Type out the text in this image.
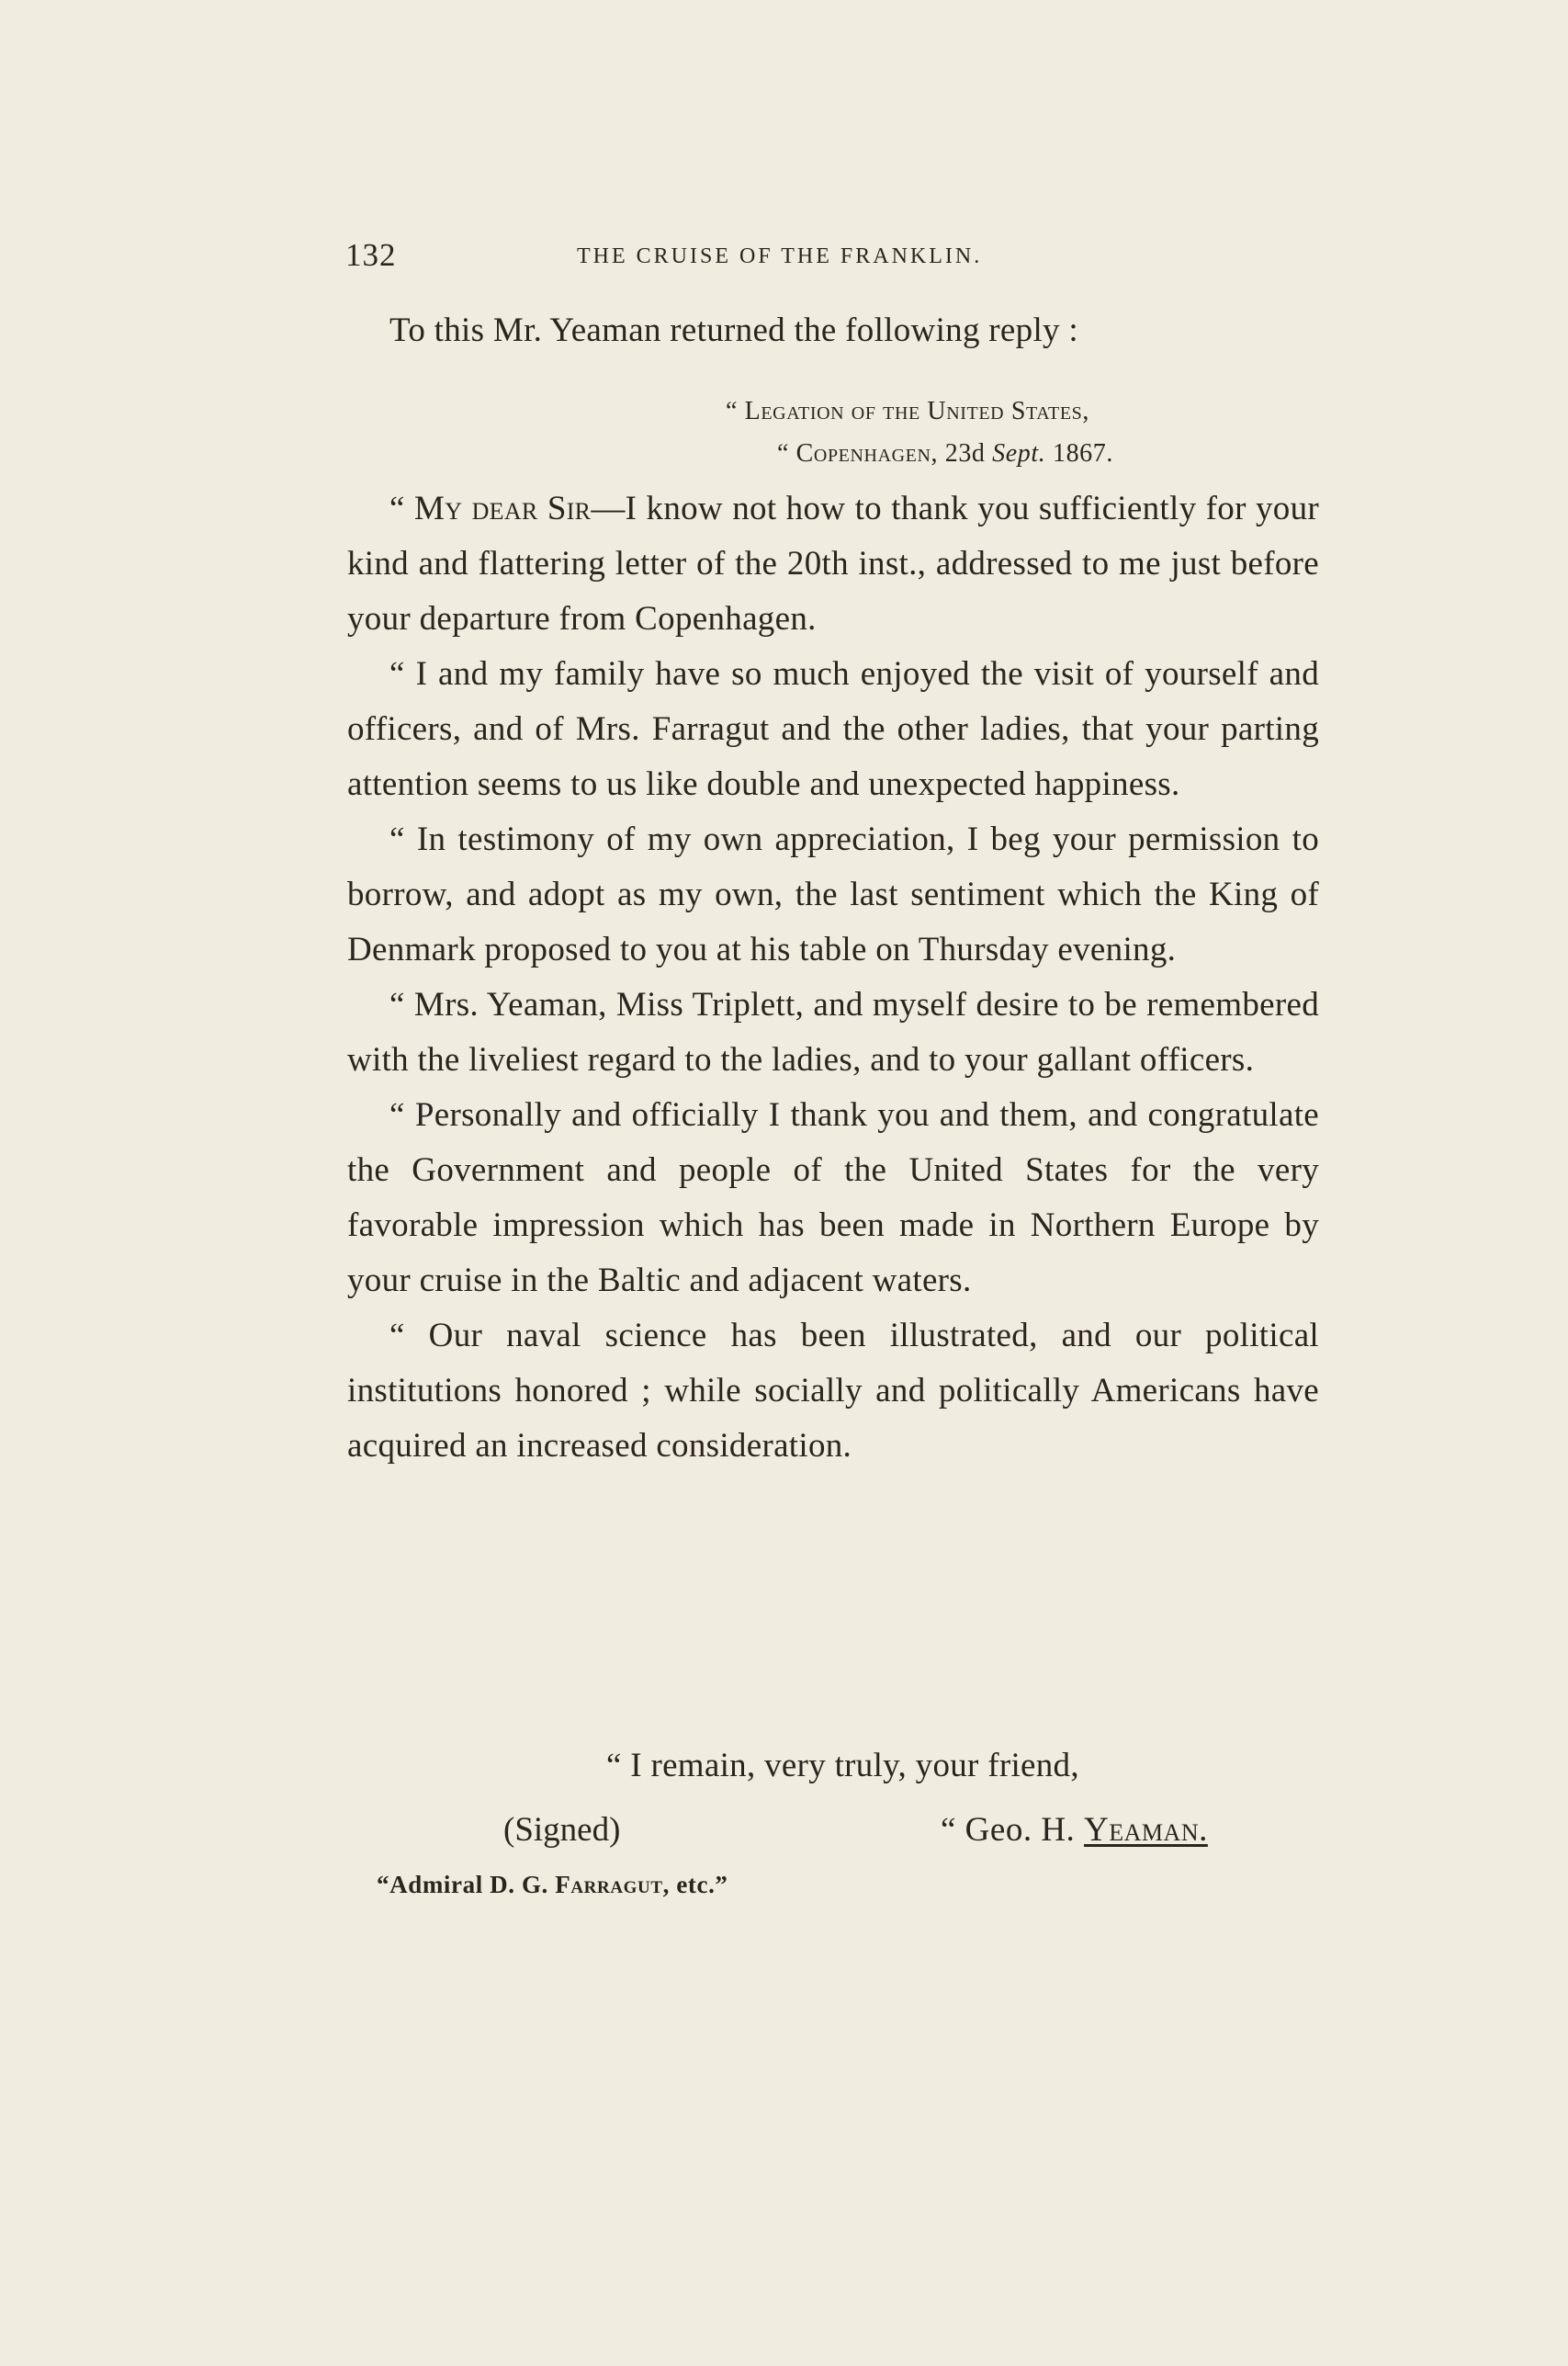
132	THE CRUISE OF THE FRANKLIN.
To this Mr. Yeaman returned the following reply :
“ Legation of the United States,
“ Copenhagen, 23d Sept. 1867.

“ My dear Sir—I know not how to thank you sufficiently for your kind and flattering letter of the 20th inst., addressed to me just before your departure from Copenhagen.

“ I and my family have so much enjoyed the visit of yourself and officers, and of Mrs. Farragut and the other ladies, that your parting attention seems to us like double and unexpected happiness.

“ In testimony of my own appreciation, I beg your permission to borrow, and adopt as my own, the last sentiment which the King of Denmark proposed to you at his table on Thursday evening.

“ Mrs. Yeaman, Miss Triplett, and myself desire to be remembered with the liveliest regard to the ladies, and to your gallant officers.

“ Personally and officially I thank you and them, and congratulate the Government and people of the United States for the very favorable impression which has been made in Northern Europe by your cruise in the Baltic and adjacent waters.

“ Our naval science has been illustrated, and our political institutions honored ; while socially and politically Americans have acquired an increased consideration.

“ I remain, very truly, your friend,
(Signed)	“ Geo. H. Yeaman.
“Admiral D. G. Farragut, etc.”
